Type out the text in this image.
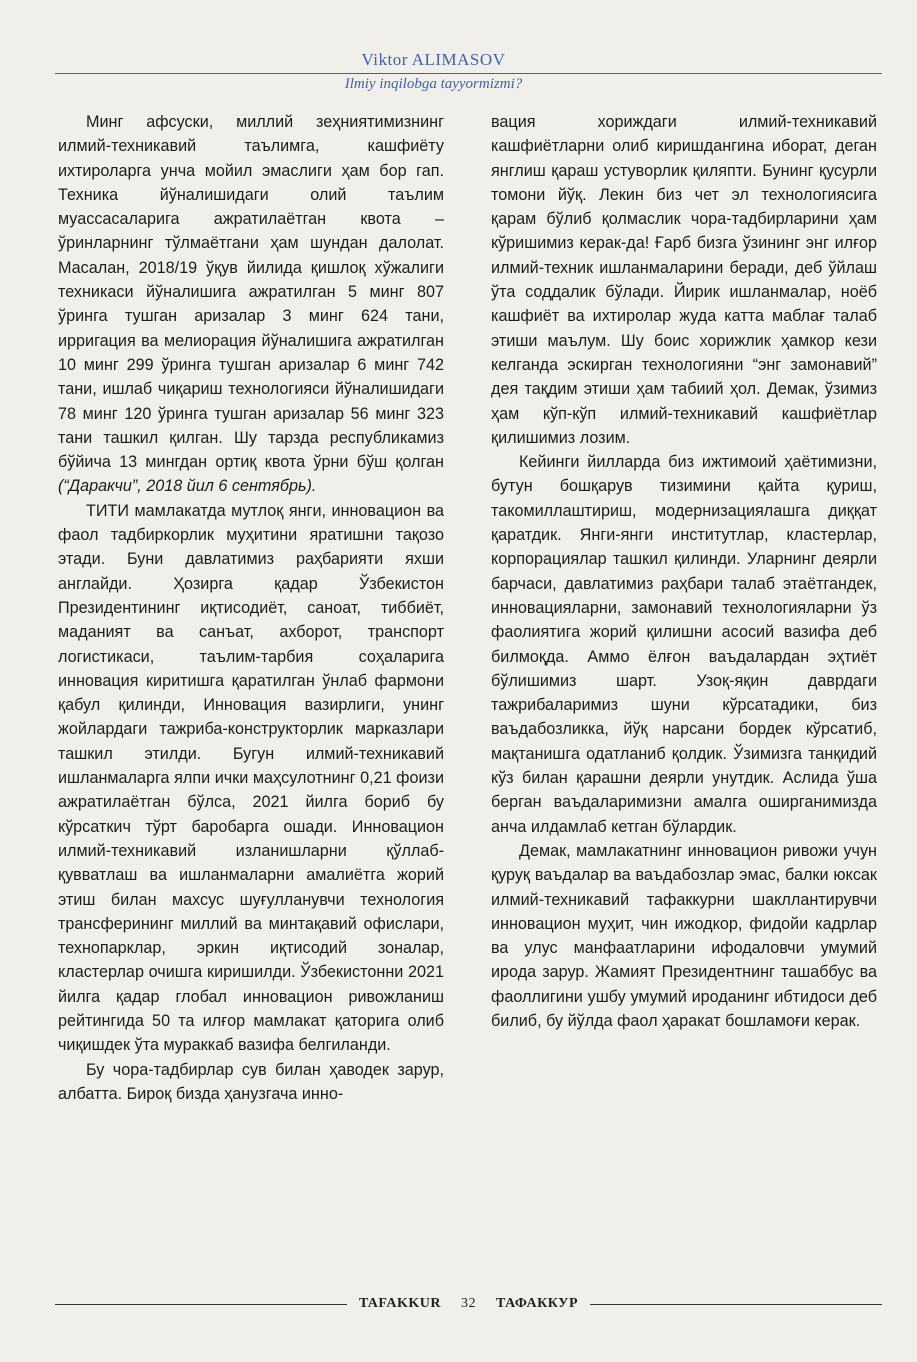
Viktor ALIMASOV
Ilmiy inqilobga tayyormizmi?

Минг афсуски, миллий зеҳниятимизнинг илмий-техникавий таълимга, кашфиёту ихтироларга унча мойил эмаслиги ҳам бор гап. Техника йўналишидаги олий таълим муассасаларига ажратилаётган квота – ўринларнинг тўлмаётгани ҳам шундан далолат. Масалан, 2018/19 ўқув йилида қишлоқ хўжалиги техникаси йўналишига ажратилган 5 минг 807 ўринга тушган аризалар 3 минг 624 тани, ирригация ва мелиорация йўналишига ажратилган 10 минг 299 ўринга тушган аризалар 6 минг 742 тани, ишлаб чиқариш технологияси йўналишидаги 78 минг 120 ўринга тушган аризалар 56 минг 323 тани ташкил қилган. Шу тарзда республикамиз бўйича 13 мингдан ортиқ квота ўрни бўш қолган (“Даракчи”, 2018 йил 6 сентябрь).

ТИТИ мамлакатда мутлоқ янги, инновацион ва фаол тадбиркорлик муҳитини яратишни тақозо этади. Буни давлатимиз раҳбарияти яхши англайди. Ҳозирга қадар Ўзбекистон Президентининг иқтисодиёт, саноат, тиббиёт, маданият ва санъат, ахборот, транспорт логистикаси, таълим-тарбия соҳаларига инновация киритишга қаратилган ўнлаб фармони қабул қилинди, Инновация вазирлиги, унинг жойлардаги тажриба-конструкторлик марказлари ташкил этилди. Бугун илмий-техникавий ишланмаларга ялпи ички маҳсулотнинг 0,21 фоизи ажратилаётган бўлса, 2021 йилга бориб бу кўрсаткич тўрт баробарга ошади. Инновацион илмий-техникавий изланишларни қўллаб-қувватлаш ва ишланмаларни амалиётга жорий этиш билан махсус шуғулланувчи технология трансферининг миллий ва минтақавий офислари, технопарклар, эркин иқтисодий зоналар, кластерлар очишга киришилди. Ўзбекистонни 2021 йилга қадар глобал инновацион ривожланиш рейтингида 50 та илғор мамлакат қаторига олиб чиқишдек ўта мураккаб вазифа белгиланди.

Бу чора-тадбирлар сув билан ҳаводек зарур, албатта. Бироқ бизда ҳанузгача инно-

вация хориждаги илмий-техникавий кашфиётларни олиб киришдангина иборат, деган янглиш қараш устуворлик қиляпти. Бунинг қусурли томони йўқ. Лекин биз чет эл технологиясига қарам бўлиб қолмаслик чора-тадбирларини ҳам кўришимиз керак-да! Ғарб бизга ўзининг энг илғор илмий-техник ишланмаларини беради, деб ўйлаш ўта соддалик бўлади. Йирик ишланмалар, ноёб кашфиёт ва ихтиролар жуда катта маблағ талаб этиши маълум. Шу боис хорижлик ҳамкор кези келганда эскирган технологияни “энг замонавий” дея тақдим этиши ҳам табиий ҳол. Демак, ўзимиз ҳам кўп-кўп илмий-техникавий кашфиётлар қилишимиз лозим.

Кейинги йилларда биз ижтимоий ҳаётимизни, бутун бошқарув тизимини қайта қуриш, такомиллаштириш, модернизациялашга диққат қаратдик. Янги-янги институтлар, кластерлар, корпорациялар ташкил қилинди. Уларнинг деярли барчаси, давлатимиз раҳбари талаб этаётгандек, инновацияларни, замонавий технологияларни ўз фаолиятига жорий қилишни асосий вазифа деб билмоқда. Аммо ёлғон ваъдалардан эҳтиёт бўлишимиз шарт. Узоқ-яқин даврдаги тажрибаларимиз шуни кўрсатадики, биз ваъдабозликка, йўқ нарсани бордек кўрсатиб, мақтанишга одатланиб қолдик. Ўзимизга танқидий кўз билан қарашни деярли унутдик. Аслида ўша берган ваъдаларимизни амалга оширганимизда анча илдамлаб кетган бўлардик.

Демак, мамлакатнинг инновацион ривожи учун қуруқ ваъдалар ва ваъдабозлар эмас, балки юксак илмий-техникавий тафаккурни шакллантирувчи инновацион муҳит, чин ижодкор, фидойи кадрлар ва улус манфаатларини ифодаловчи умумий ирода зарур. Жамият Президентнинг ташаббус ва фаоллигини ушбу умумий ироданинг ибтидоси деб билиб, бу йўлда фаол ҳаракат бошламоғи керак.

TAFAKKUR 32 ТАФАККУР
